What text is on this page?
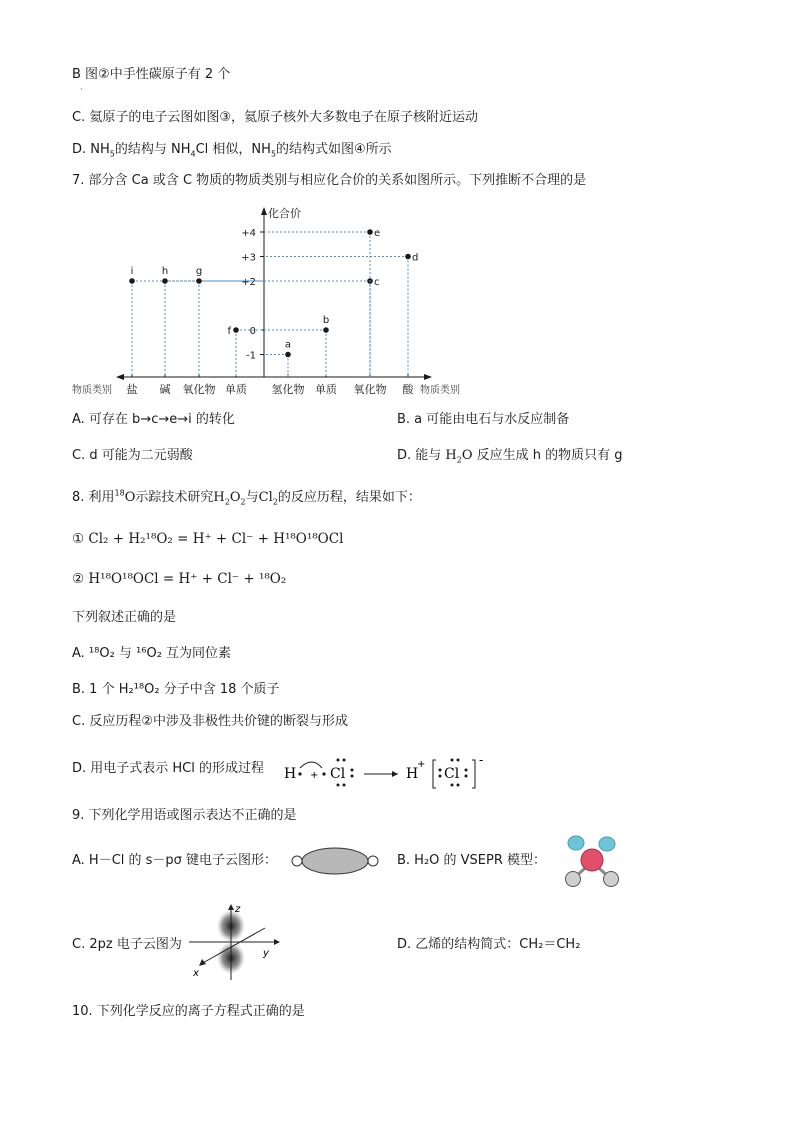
B 图②中手性碳原子有 2 个
·
C. 氦原子的电子云图如图③，氦原子核外大多数电子在原子核附近运动
D. $NH_5$的结构与 $NH_4Cl$ 相似，$NH_5$的结构式如图④所示
7. 部分含 Ca 或含 C 物质的物质类别与相应化合价的关系如图所示。下列推断不合理的是
化合价
物质类别	物质类别
+4
+3
+2
0
-1
盐 碱 氧化物 单质 氢化物 单质 氧化物 酸
i	h	g
f
a
b
c
e
d
A. 可存在 b→c→e→i 的转化	B. a 可能由电石与水反应制备
C. d 可能为二元弱酸	D. 能与 $H_2O$ 反应生成 h 的物质只有 g
8. 利用$^{18}$O示踪技术研究$H_2O_2$与$Cl_2$的反应历程，结果如下：
① Cl₂ + H₂¹⁸O₂ = H⁺ + Cl⁻ + H¹⁸O¹⁸OCl
② H¹⁸O¹⁸OCl = H⁺ + Cl⁻ + ¹⁸O₂
下列叙述正确的是
A. ¹⁸O₂ 与 ¹⁶O₂ 互为同位素
B. 1 个 H₂¹⁸O₂ 分子中含 18 个质子
C. 反应历程②中涉及非极性共价键的断裂与形成
D. 用电子式表示 HCl 的形成过程 H + Cl	H
+
Cl
-
9. 下列化学用语或图示表达不正确的是
A. H－Cl 的 s－pσ 键电子云图形：	B. H₂O 的 VSEPR 模型：
C. 2pz 电子云图为
z
y
x
D. 乙烯的结构简式：CH₂＝CH₂
10. 下列化学反应的离子方程式正确的是
